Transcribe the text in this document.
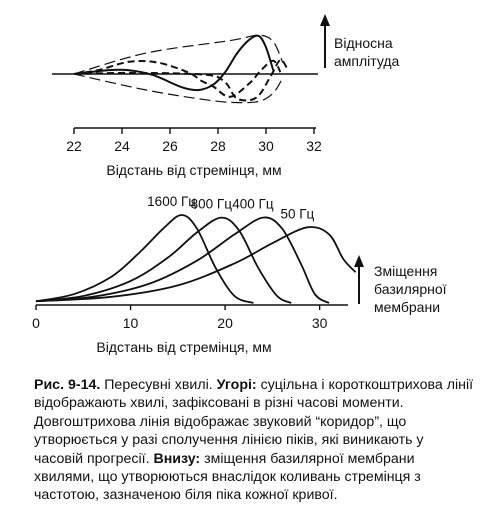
22 24 26 28 30 32
Відстань від стремінця, мм
Відносна
амплітуда
0	10	20	30
1600 Гц
800 Гц 400 Гц
50 Гц
Відстань від стремінця, мм
Зміщення
базилярної
мембрани
Рис. 9-14. Пересувні хвилі. Угорі: суцільна і короткоштрихова лінії відображають хвилі, зафіксовані в різні часові моменти. Довгоштрихова лінія відображає звуковий “коридор”, що утворюється у разі сполучення лінією піків, які виникають у часовій прогресії. Внизу: зміщення базилярної мембрани хвилями, що утворюються внаслідок коливань стремінця з частотою, зазначеною біля піка кожної кривої.
